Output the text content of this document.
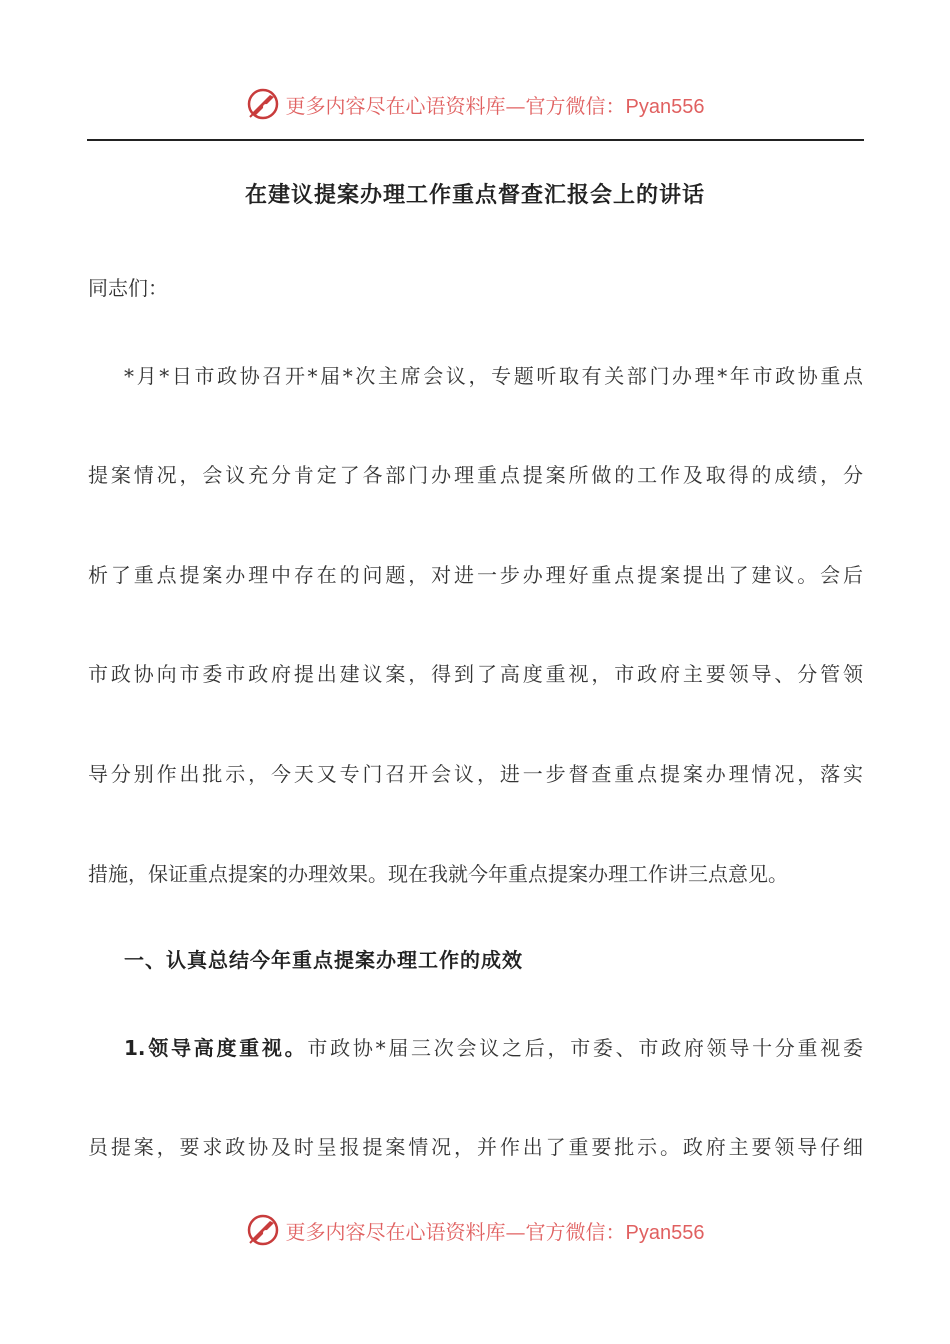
更多内容尽在心语资料库—官方微信：Pyan556
在建议提案办理工作重点督查汇报会上的讲话
同志们：
*月*日市政协召开*届*次主席会议，专题听取有关部门办理*年市政协重点
提案情况，会议充分肯定了各部门办理重点提案所做的工作及取得的成绩，分
析了重点提案办理中存在的问题，对进一步办理好重点提案提出了建议。会后
市政协向市委市政府提出建议案，得到了高度重视，市政府主要领导、分管领
导分别作出批示，今天又专门召开会议，进一步督查重点提案办理情况，落实
措施，保证重点提案的办理效果。现在我就今年重点提案办理工作讲三点意见。
一、认真总结今年重点提案办理工作的成效
1.领导高度重视。市政协*届三次会议之后，市委、市政府领导十分重视委
员提案，要求政协及时呈报提案情况，并作出了重要批示。政府主要领导仔细
更多内容尽在心语资料库—官方微信：Pyan556
